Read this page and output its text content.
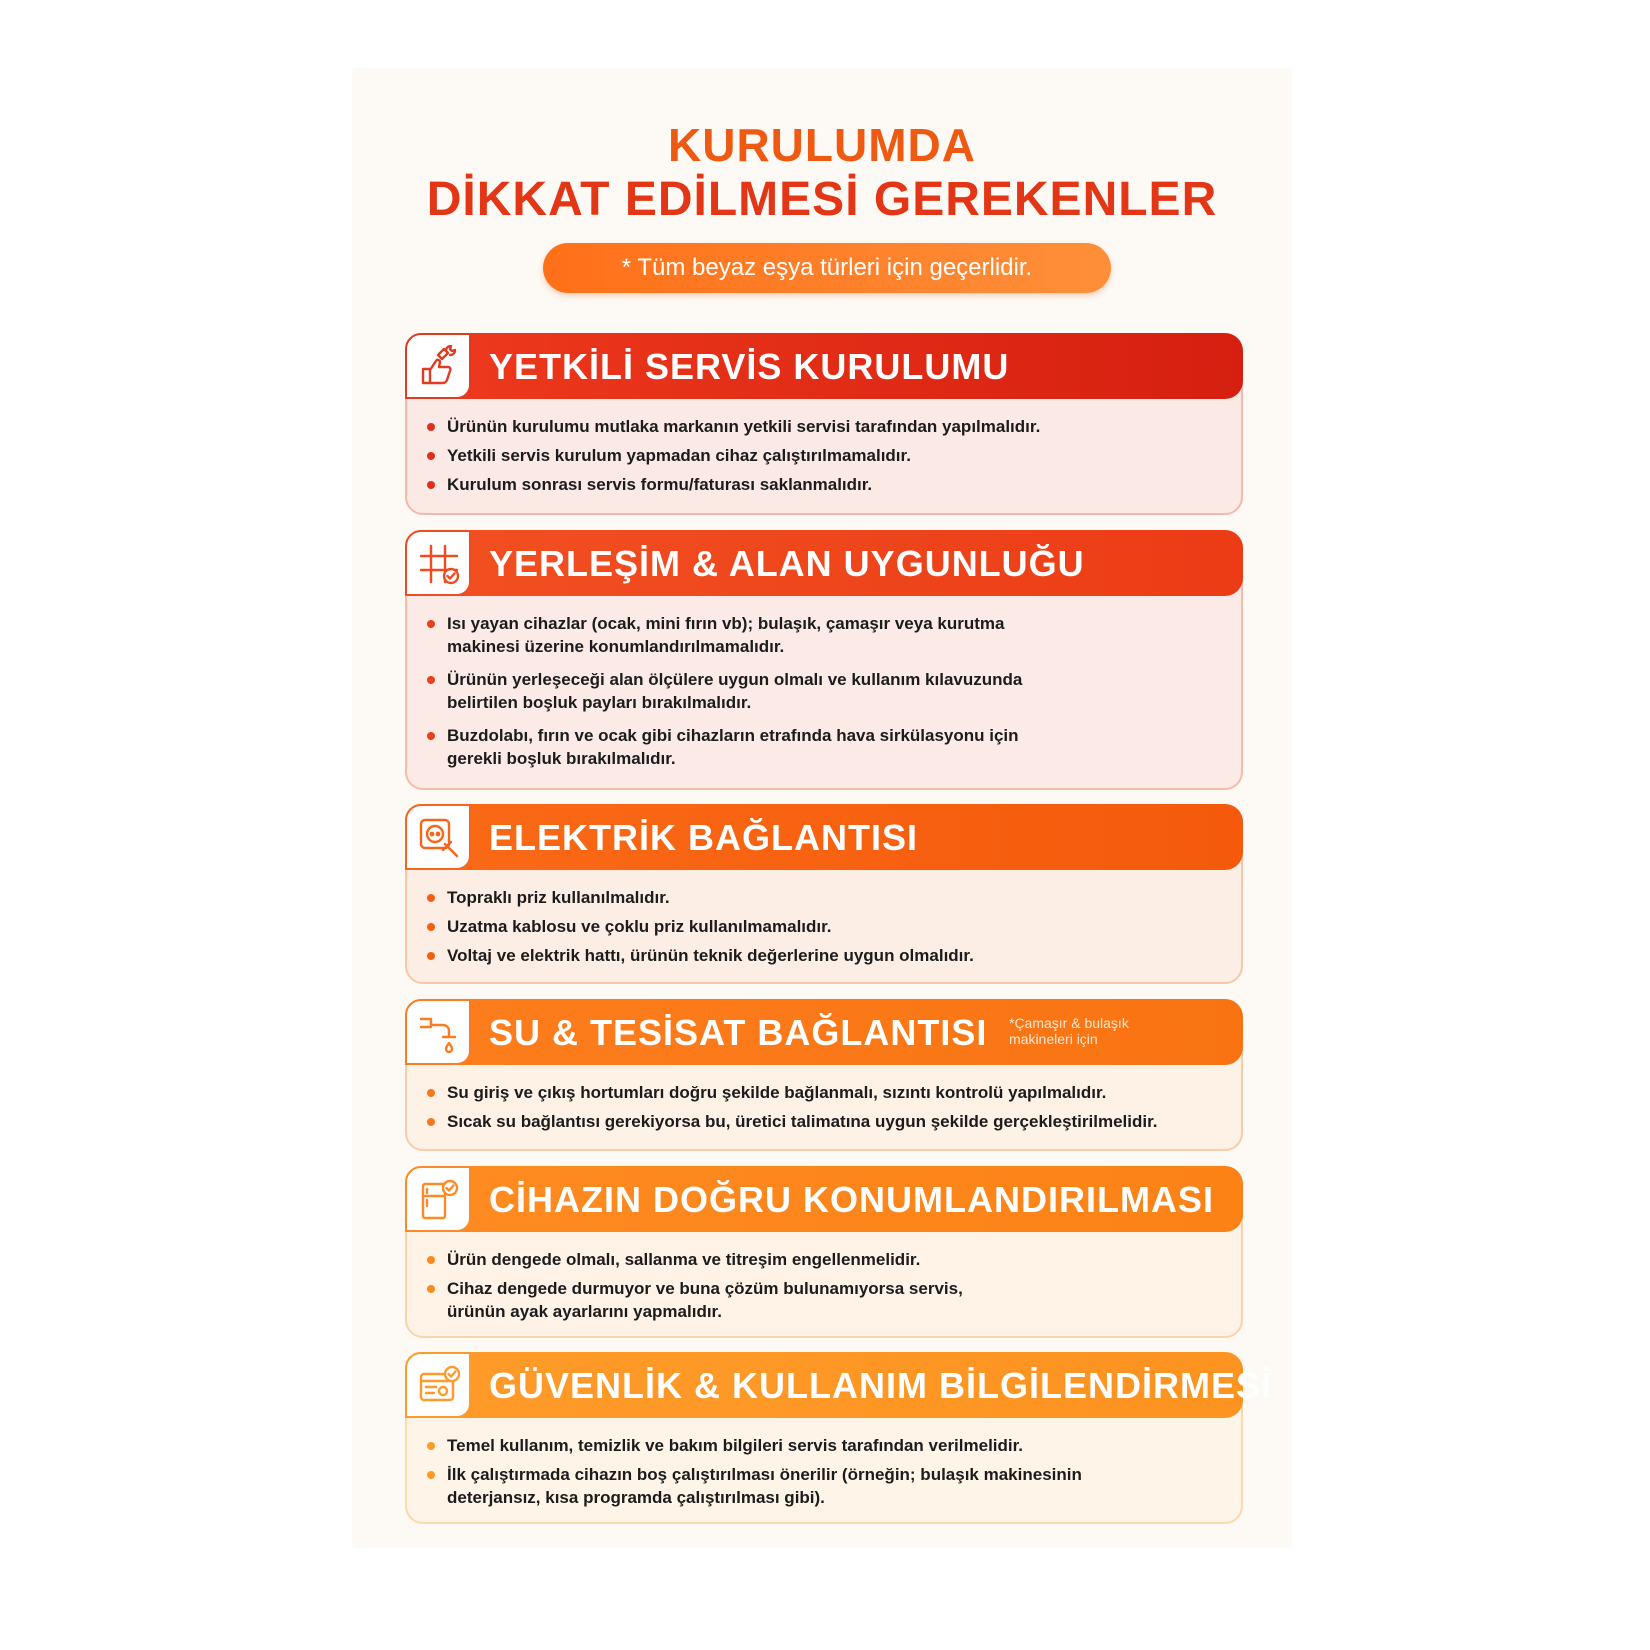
KURULUMDA
DİKKAT EDİLMESİ GEREKENLER
* Tüm beyaz eşya türleri için geçerlidir.
YETKİLİ SERVİS KURULUMU
Ürünün kurulumu mutlaka markanın yetkili servisi tarafından yapılmalıdır.
Yetkili servis kurulum yapmadan cihaz çalıştırılmamalıdır.
Kurulum sonrası servis formu/faturası saklanmalıdır.
YERLEŞİM & ALAN UYGUNLUĞU
Isı yayan cihazlar (ocak, mini fırın vb); bulaşık, çamaşır veya kurutma makinesi üzerine konumlandırılmamalıdır.
Ürünün yerleşeceği alan ölçülere uygun olmalı ve kullanım kılavuzunda belirtilen boşluk payları bırakılmalıdır.
Buzdolabı, fırın ve ocak gibi cihazların etrafında hava sirkülasyonu için gerekli boşluk bırakılmalıdır.
ELEKTRİK BAĞLANTISI
Topraklı priz kullanılmalıdır.
Uzatma kablosu ve çoklu priz kullanılmamalıdır.
Voltaj ve elektrik hattı, ürünün teknik değerlerine uygun olmalıdır.
SU & TESİSAT BAĞLANTISI *Çamaşır & bulaşık makineleri için
Su giriş ve çıkış hortumları doğru şekilde bağlanmalı, sızıntı kontrolü yapılmalıdır.
Sıcak su bağlantısı gerekiyorsa bu, üretici talimatına uygun şekilde gerçekleştirilmelidir.
CİHAZIN DOĞRU KONUMLANDIRILMASI
Ürün dengede olmalı, sallanma ve titreşim engellenmelidir.
Cihaz dengede durmuyor ve buna çözüm bulunamıyorsa servis, ürünün ayak ayarlarını yapmalıdır.
GÜVENLİK & KULLANIM BİLGİLENDİRMESİ
Temel kullanım, temizlik ve bakım bilgileri servis tarafından verilmelidir.
İlk çalıştırmada cihazın boş çalıştırılması önerilir (örneğin; bulaşık makinesinin deterjansız, kısa programda çalıştırılması gibi).
